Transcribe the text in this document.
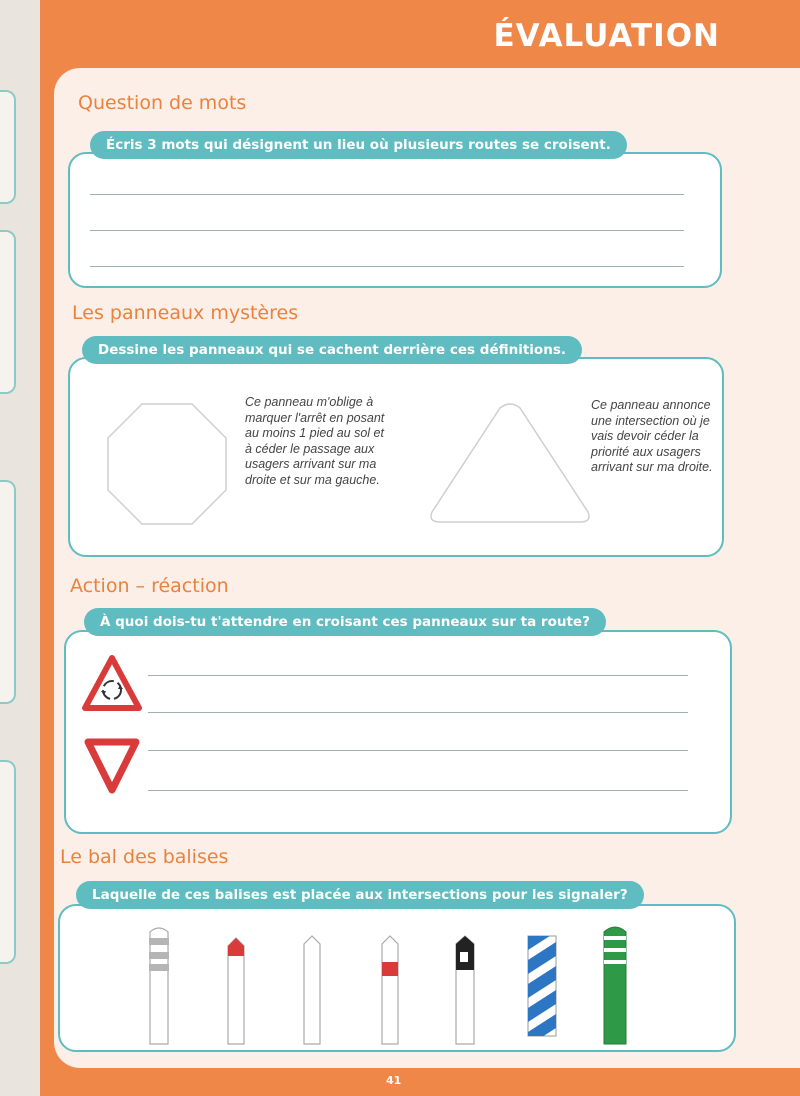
ÉVALUATION
Question de mots
Écris 3 mots qui désignent un lieu où plusieurs routes se croisent.
Les panneaux mystères
Dessine les panneaux qui se cachent derrière ces définitions.
Ce panneau m'oblige à marquer l'arrêt en posant au moins 1 pied au sol et à céder le passage aux usagers arrivant sur ma droite et sur ma gauche.
Ce panneau annonce une intersection où je vais devoir céder la priorité aux usagers arrivant sur ma droite.
Action – réaction
À quoi dois-tu t'attendre en croisant ces panneaux sur ta route?
Le bal des balises
Laquelle de ces balises est placée aux intersections pour les signaler?
41
